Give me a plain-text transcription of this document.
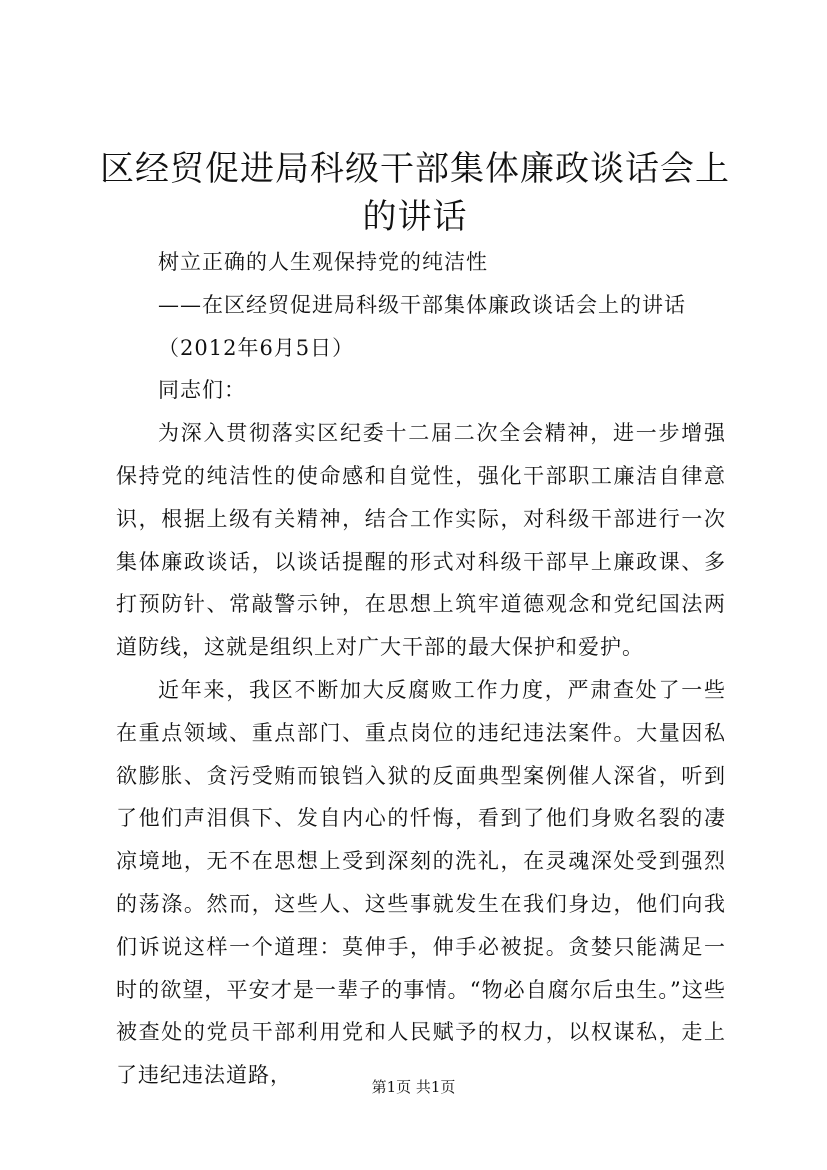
区经贸促进局科级干部集体廉政谈话会上的讲话

树立正确的人生观保持党的纯洁性

——在区经贸促进局科级干部集体廉政谈话会上的讲话

（2012年6月5日）

同志们：

为深入贯彻落实区纪委十二届二次全会精神，进一步增强保持党的纯洁性的使命感和自觉性，强化干部职工廉洁自律意识，根据上级有关精神，结合工作实际，对科级干部进行一次集体廉政谈话，以谈话提醒的形式对科级干部早上廉政课、多打预防针、常敲警示钟，在思想上筑牢道德观念和党纪国法两道防线，这就是组织上对广大干部的最大保护和爱护。

近年来，我区不断加大反腐败工作力度，严肃查处了一些在重点领域、重点部门、重点岗位的违纪违法案件。大量因私欲膨胀、贪污受贿而锒铛入狱的反面典型案例催人深省，听到了他们声泪俱下、发自内心的忏悔，看到了他们身败名裂的凄凉境地，无不在思想上受到深刻的洗礼，在灵魂深处受到强烈的荡涤。然而，这些人、这些事就发生在我们身边，他们向我们诉说这样一个道理：莫伸手，伸手必被捉。贪婪只能满足一时的欲望，平安才是一辈子的事情。“物必自腐尔后虫生。”这些被查处的党员干部利用党和人民赋予的权力，以权谋私，走上了违纪违法道路，	第1页 共1页
